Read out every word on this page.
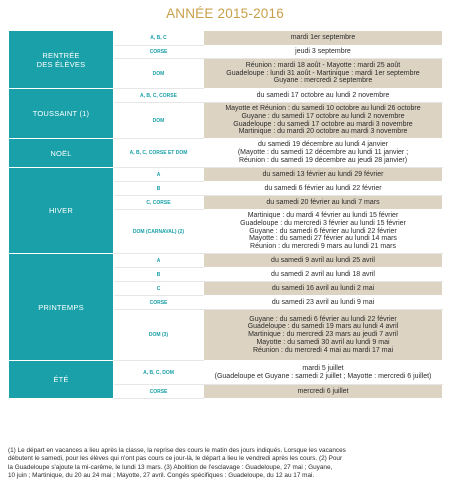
ANNÉE 2015-2016
RENTRÉE
DES ÉLÈVES	A, B, C	mardi 1er septembre

	CORSE	jeudi 3 septembre

	DOM	Réunion : mardi 18 août - Mayotte : mardi 25 août
Guadeloupe : lundi 31 août - Martinique : mardi 1er septembre
Guyane : mercredi 2 septembre

TOUSSAINT (1)	A, B, C, CORSE	du samedi 17 octobre au lundi 2 novembre

	DOM	Mayotte et Réunion : du samedi 10 octobre au lundi 26 octobre
Guyane : du samedi 17 octobre au lundi 2 novembre
Guadeloupe : du samedi 17 octobre au mardi 3 novembre
Martinique : du mardi 20 octobre au mardi 3 novembre

NOËL	A, B, C, CORSE ET DOM	du samedi 19 décembre au lundi 4 janvier
(Mayotte : du samedi 12 décembre au lundi 11 janvier ;
Réunion : du samedi 19 décembre au jeudi 28 janvier)

HIVER	A	du samedi 13 février au lundi 29 février

	B	du samedi 6 février au lundi 22 février

	C, CORSE	du samedi 20 février au lundi 7 mars

	DOM (CARNAVAL) (2)	Martinique : du mardi 4 février au lundi 15 février
Guadeloupe : du mercredi 3 février au lundi 15 février
Guyane : du samedi 6 février au lundi 22 février
Mayotte : du samedi 27 février au lundi 14 mars
Réunion : du mercredi 9 mars au lundi 21 mars

PRINTEMPS	A	du samedi 9 avril au lundi 25 avril

	B	du samedi 2 avril au lundi 18 avril

	C	du samedi 16 avril au lundi 2 mai

	CORSE	du samedi 23 avril au lundi 9 mai

	DOM (3)	Guyane : du samedi 6 février au lundi 22 février
Guadeloupe : du samedi 19 mars au lundi 4 avril
Martinique : du mercredi 23 mars au jeudi 7 avril
Mayotte : du samedi 30 avril au lundi 9 mai
Réunion : du mercredi 4 mai au mardi 17 mai

ÉTÉ	A, B, C, DOM	mardi 5 juillet
(Guadeloupe et Guyane : samedi 2 juillet ; Mayotte : mercredi 6 juillet)

	CORSE	mercredi 6 juillet
(1) Le départ en vacances a lieu après la classe, la reprise des cours le matin des jours indiqués. Lorsque les vacances
débutent le samedi, pour les élèves qui n'ont pas cours ce jour-là, le départ a lieu le vendredi après les cours. (2) Pour
la Guadeloupe s'ajoute la mi-carême, le lundi 13 mars. (3) Abolition de l'esclavage : Guadeloupe, 27 mai ; Guyane,
10 juin ; Martinique, du 20 au 24 mai ; Mayotte, 27 avril. Congés spécifiques : Guadeloupe, du 12 au 17 mai.
